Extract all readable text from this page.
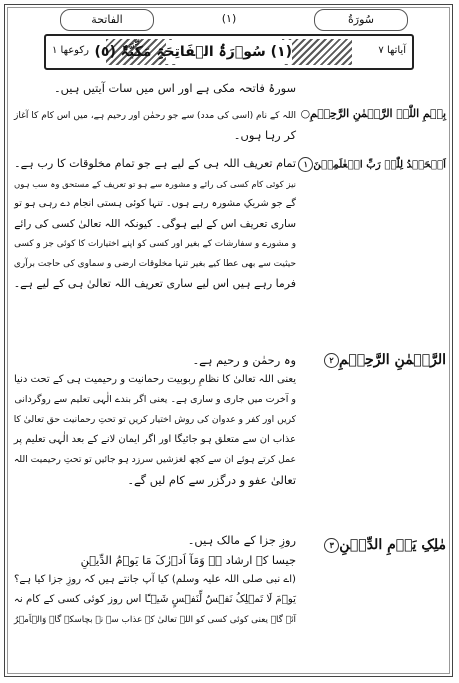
الفاتحة	(١)	سُورَةُ
رکوعھا ١ (١) سُوۡرَۃُ الۡفَاتِحَۃِ مَکِّیَّۃٌ (٥)	آیاتھا ٧
سورۂ فاتحہ مکی ہے اور اس میں سات آیتیں ہیں۔
بِسۡمِ اللّٰہِ الرَّحۡمٰنِ الرَّحِیۡمِ○
اللہ کے نام (اسی کی مدد) سے جو رحمٰن اور رحیم ہے، میں اس کام کا آغاز
کر رہا ہوں۔
اَلۡحَمۡدُ لِلّٰہِ رَبِّ الۡعٰلَمِیۡنَ١
تمام تعریف اللہ ہی کے لیے ہے جو تمام مخلوقات کا رب ہے۔
نیز کوئی کام کسی کی رائے و مشورہ سے ہو تو تعریف کے مستحق وہ سب ہوں
گے جو شریکِ مشورہ رہے ہوں۔ تنہا کوئی ہستی انجام دے رہی ہو تو
ساری تعریف اس کے لیے ہوگی۔ کیونکہ اللہ تعالیٰ کسی کی رائے
و مشورے و سفارشات کے بغیر اور کسی کو اپنے اختیارات کا کوئی جز و کسی
حیثیت سے بھی عطا کیے بغیر تنہا مخلوقات ارضی و سماوی کی حاجت برآری
فرما رہے ہیں اس لیے ساری تعریف اللہ تعالیٰ ہی کے لیے ہے۔
الرَّحۡمٰنِ الرَّحِیۡمِ٢
وہ رحمٰن و رحیم ہے۔
یعنی اللہ تعالیٰ کا نظامِ ربوبیت رحمانیت و رحیمیت ہی کے تحت دنیا
و آخرت میں جاری و ساری ہے۔ یعنی اگر بندے الٰہی تعلیم سے روگردانی
کریں اور کفر و عدوان کی روش اختیار کریں تو تحتِ رحمانیت حق تعالیٰ کا
عذاب ان سے متعلق ہو جائیگا اور اگر ایمان لانے کے بعد الٰہی تعلیم پر
عمل کرتے ہوئے ان سے کچھ لغزشیں سرزد ہو جائیں تو تحتِ رحیمیت اللہ
تعالیٰ عفو و درگزر سے کام لیں گے۔
مٰلِکِ یَوۡمِ الدِّیۡنِ٣
روزِ جزا کے مالک ہیں۔
جیسا کہ ارشاد ہے وَمَآ اَدۡرٰکَ مَا یَوۡمُ الدِّیۡنِ
(اے نبی صلی اللہ علیہ وسلم) کیا آپ جانتے ہیں کہ روزِ جزا کیا ہے؟
یَوۡمَ لَا تَمۡلِکُ نَفۡسٌ لِّنَفۡسٍ شَیۡـًٔا اس روز کوئی کسی کے کام نہ
آئے گا۔ یعنی کوئی کسی کو اللہ تعالیٰ کے عذاب سے نہ بچاسکے گا۔ وَالۡاَمۡرُ
